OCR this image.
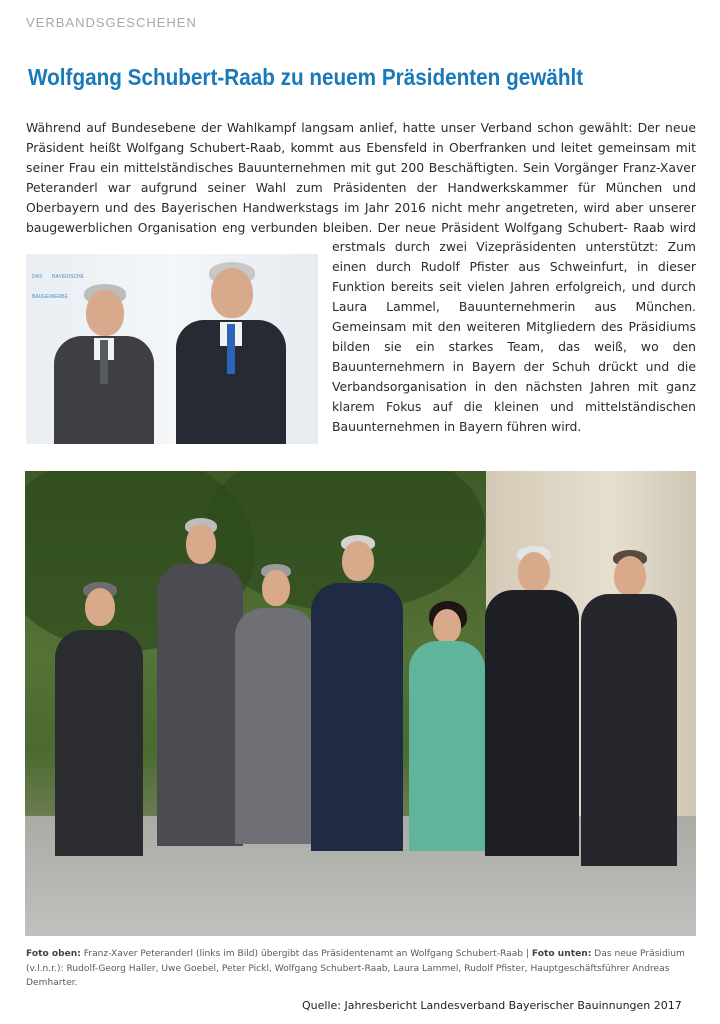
VERBANDSGESCHEHEN
Wolfgang Schubert-Raab zu neuem Präsidenten gewählt
Während auf Bundesebene der Wahlkampf langsam anlief, hatte unser Verband schon gewählt: Der neue Präsident heißt Wolfgang Schubert-Raab, kommt aus Ebensfeld in Oberfranken und leitet gemeinsam mit seiner Frau ein mittelständisches Bauunternehmen mit gut 200 Beschäftigten. Sein Vorgänger Franz-Xaver Peteranderl war aufgrund seiner Wahl zum Präsidenten der Handwerkskammer für München und Oberbayern und des Bayerischen Handwerkstags im Jahr 2016 nicht mehr angetreten, wird aber unserer baugewerblichen Organisation eng verbunden bleiben. Der neue Präsident Wolfgang Schubert-
DAS BAYERISCHE BAUGEWERBE
Raab wird erstmals durch zwei Vizepräsidenten unterstützt: Zum einen durch Rudolf Pfister aus Schweinfurt, in dieser Funktion bereits seit vielen Jahren erfolgreich, und durch Laura Lammel, Bauunternehmerin aus München. Gemeinsam mit den weiteren Mitgliedern des Präsidiums bilden sie ein starkes Team, das weiß, wo den Bauunternehmern in Bayern der Schuh drückt und die Verbandsorganisation in den nächsten Jahren mit ganz klarem Fokus auf die kleinen und mittelständischen Bauunternehmen in Bayern führen wird.

Foto oben: Franz-Xaver Peteranderl (links im Bild) übergibt das Präsidentenamt an Wolfgang Schubert-Raab | Foto unten: Das neue Präsidium (v.l.n.r.): Rudolf-Georg Haller, Uwe Goebel, Peter Pickl, Wolfgang Schubert-Raab, Laura Lammel, Rudolf Pfister, Hauptgeschäftsführer Andreas Demharter.

Quelle: Jahresbericht Landesverband Bayerischer Bauinnungen 2017
